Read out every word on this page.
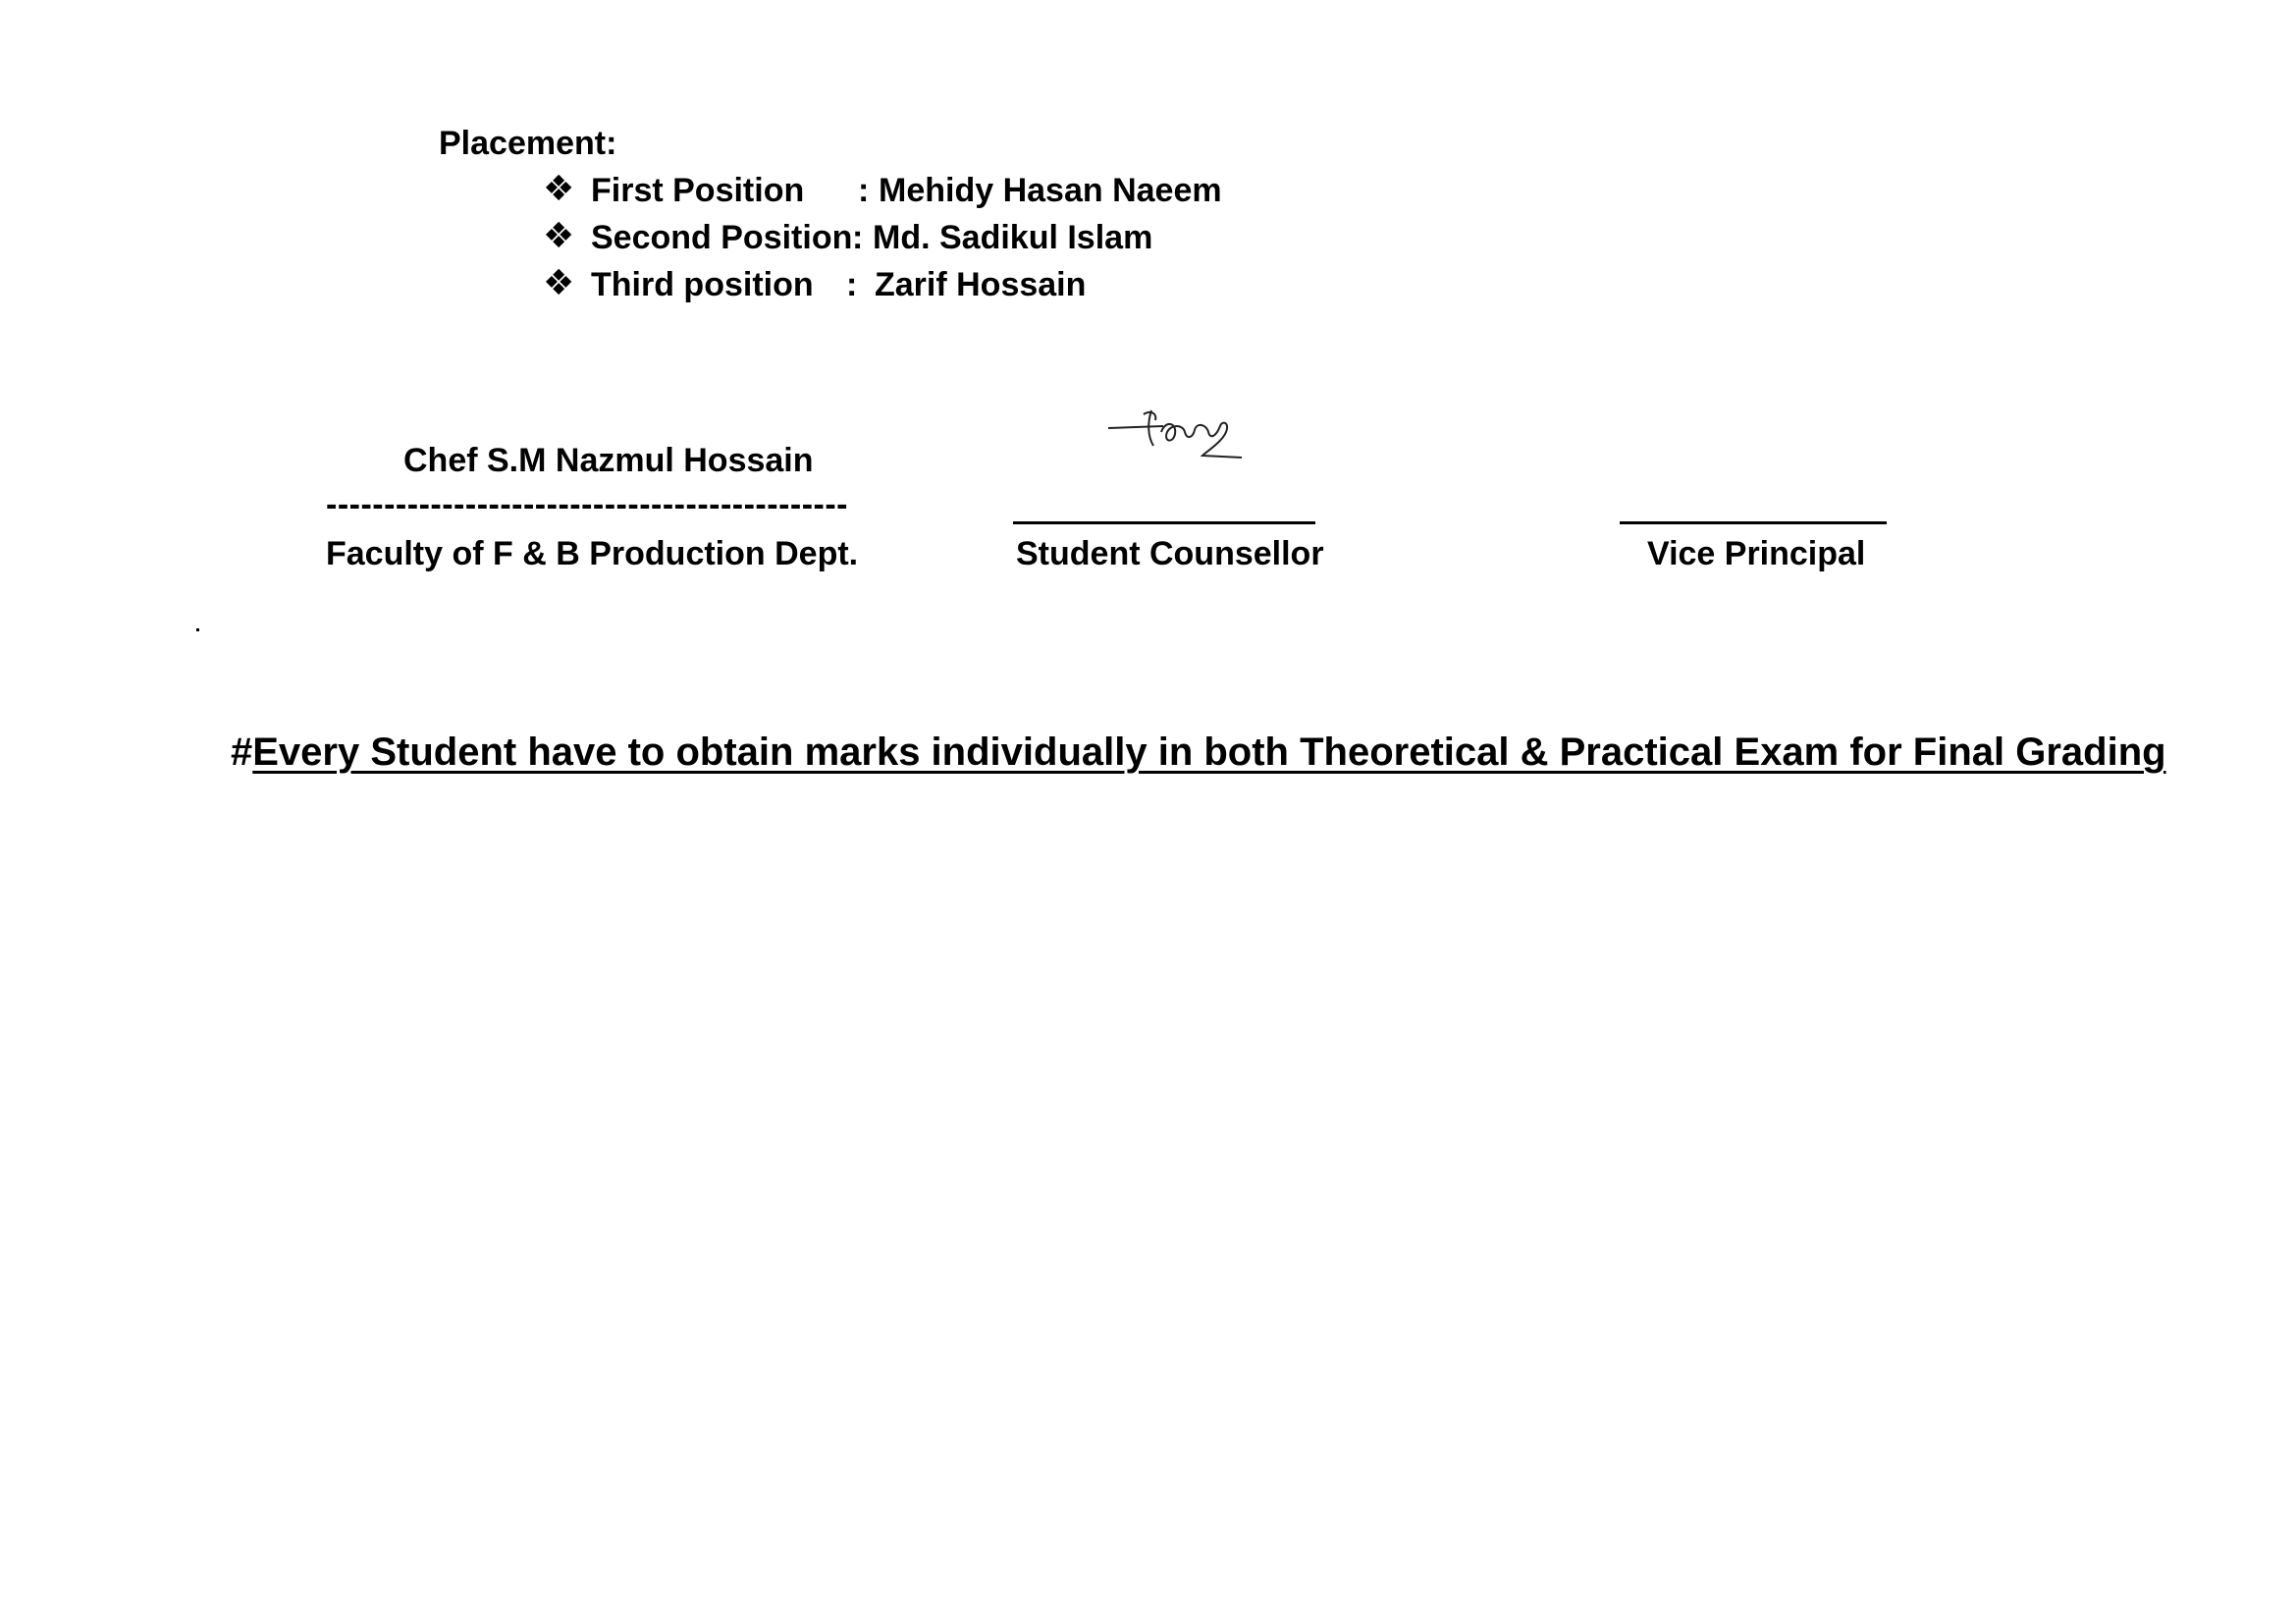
Placement:
❖ First Position : Mehidy Hasan Naeem
❖ Second Position : Md. Sadikul Islam
❖ Third position : Zarif Hossain
Chef S.M Nazmul Hossain
---------------------------------------------
Faculty of F & B Production Dept.	Student Counsellor	Vice Principal
#Every Student have to obtain marks individually in both Theoretical & Practical Exam for Final Grading
